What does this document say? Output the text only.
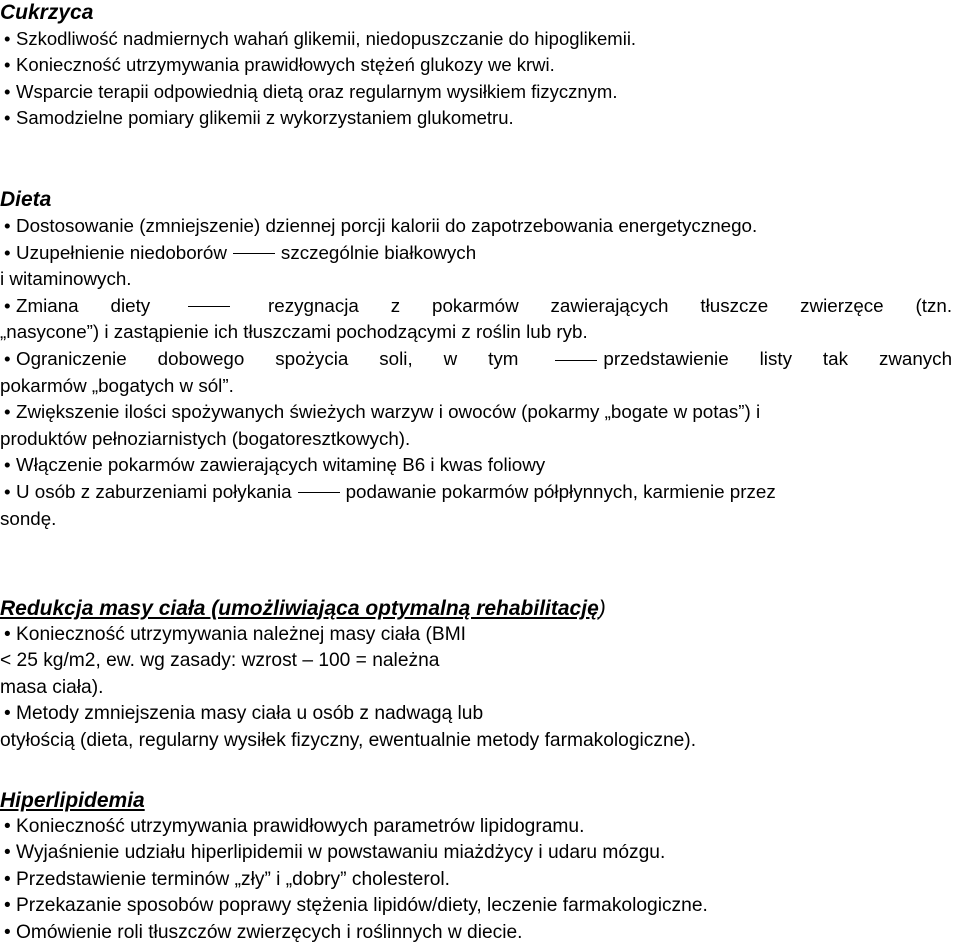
Cukrzyca

• Szkodliwość nadmiernych wahań glikemii, niedopuszczanie do hipoglikemii.

• Konieczność utrzymywania prawidłowych stężeń glukozy we krwi.

• Wsparcie terapii odpowiednią dietą oraz regularnym wysiłkiem fizycznym.

• Samodzielne pomiary glikemii z wykorzystaniem glukometru.

Dieta

• Dostosowanie (zmniejszenie) dziennej porcji kalorii do zapotrzebowania energetycznego.

• Uzupełnienie niedoborów	szczególnie białkowych

i witaminowych.

• Zmiana diety	rezygnacja z pokarmów zawierających tłuszcze zwierzęce (tzn.

„nasycone”) i zastąpienie ich tłuszczami pochodzącymi z roślin lub ryb.

• Ograniczenie dobowego spożycia soli, w tym	przedstawienie listy tak zwanych

pokarmów „bogatych w sól”.

• Zwiększenie ilości spożywanych świeżych warzyw i owoców (pokarmy „bogate w potas”) i

produktów pełnoziarnistych (bogatoresztkowych).

• Włączenie pokarmów zawierających witaminę B6 i kwas foliowy

• U osób z zaburzeniami połykania	podawanie pokarmów półpłynnych, karmienie przez

sondę.

Redukcja masy ciała (umożliwiająca optymalną rehabilitację)

• Konieczność utrzymywania należnej masy ciała (BMI

< 25 kg/m2, ew. wg zasady: wzrost – 100 = należna

masa ciała).

• Metody zmniejszenia masy ciała u osób z nadwagą lub

otyłością (dieta, regularny wysiłek fizyczny, ewentualnie metody farmakologiczne).

Hiperlipidemia

• Konieczność utrzymywania prawidłowych parametrów lipidogramu.

• Wyjaśnienie udziału hiperlipidemii w powstawaniu miażdżycy i udaru mózgu.

• Przedstawienie terminów „zły” i „dobry” cholesterol.

• Przekazanie sposobów poprawy stężenia lipidów/diety, leczenie farmakologiczne.

• Omówienie roli tłuszczów zwierzęcych i roślinnych w diecie.
